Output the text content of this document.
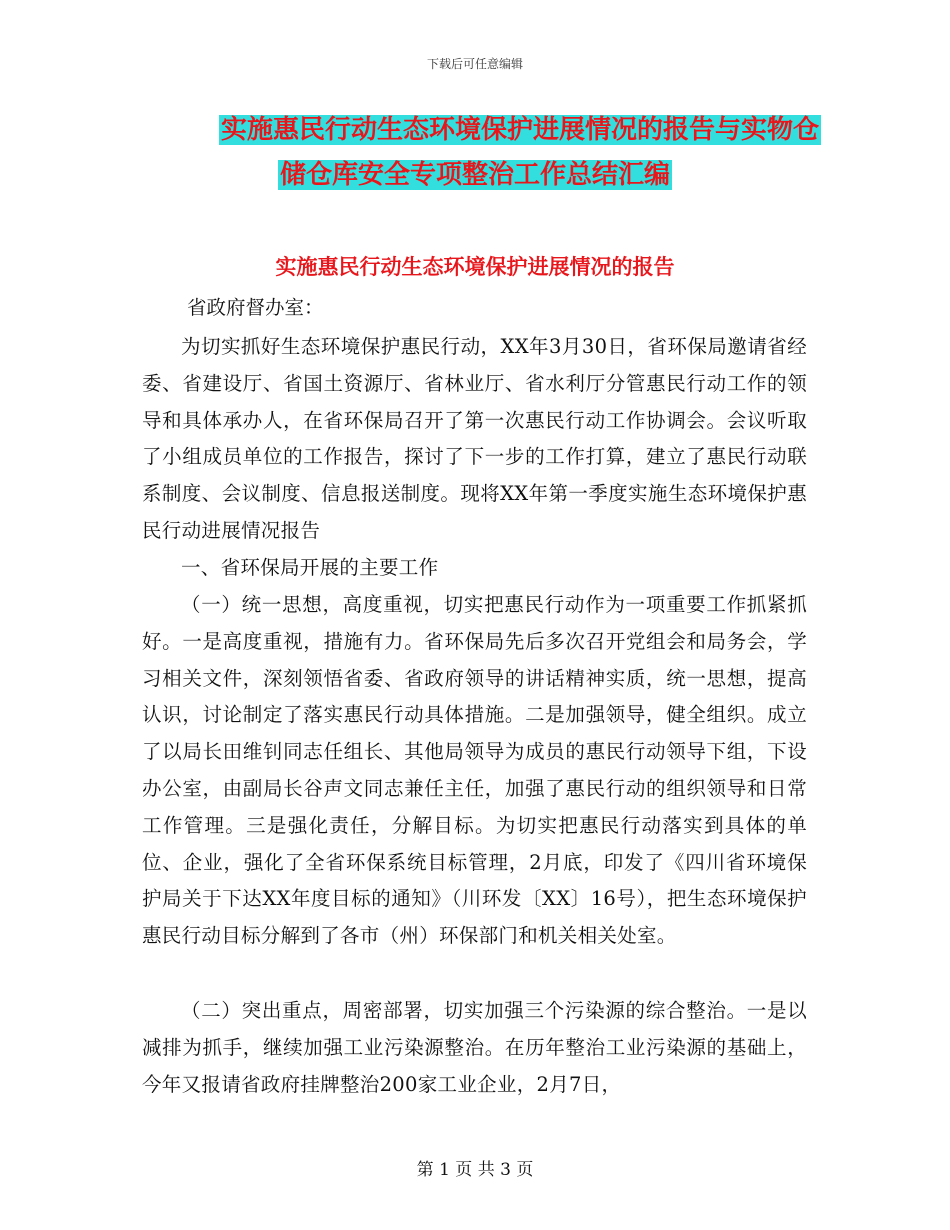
下载后可任意编辑
实施惠民行动生态环境保护进展情况的报告与实物仓
储仓库安全专项整治工作总结汇编
实施惠民行动生态环境保护进展情况的报告
省政府督办室：

为切实抓好生态环境保护惠民行动，XX年3月30日，省环保局邀请省经委、省建设厅、省国土资源厅、省林业厅、省水利厅分管惠民行动工作的领导和具体承办人，在省环保局召开了第一次惠民行动工作协调会。会议听取了小组成员单位的工作报告，探讨了下一步的工作打算，建立了惠民行动联系制度、会议制度、信息报送制度。现将XX年第一季度实施生态环境保护惠民行动进展情况报告

一、省环保局开展的主要工作

（一）统一思想，高度重视，切实把惠民行动作为一项重要工作抓紧抓好。一是高度重视，措施有力。省环保局先后多次召开党组会和局务会，学习相关文件，深刻领悟省委、省政府领导的讲话精神实质，统一思想，提高认识，讨论制定了落实惠民行动具体措施。二是加强领导，健全组织。成立了以局长田维钊同志任组长、其他局领导为成员的惠民行动领导下组，下设办公室，由副局长谷声文同志兼任主任，加强了惠民行动的组织领导和日常工作管理。三是强化责任，分解目标。为切实把惠民行动落实到具体的单位、企业，强化了全省环保系统目标管理，2月底，印发了《四川省环境保护局关于下达XX年度目标的通知》（川环发〔XX〕16号），把生态环境保护惠民行动目标分解到了各市（州）环保部门和机关相关处室。

（二）突出重点，周密部署，切实加强三个污染源的综合整治。一是以减排为抓手，继续加强工业污染源整治。在历年整治工业污染源的基础上，今年又报请省政府挂牌整治200家工业企业，2月7日，

第 1 页 共 3 页
